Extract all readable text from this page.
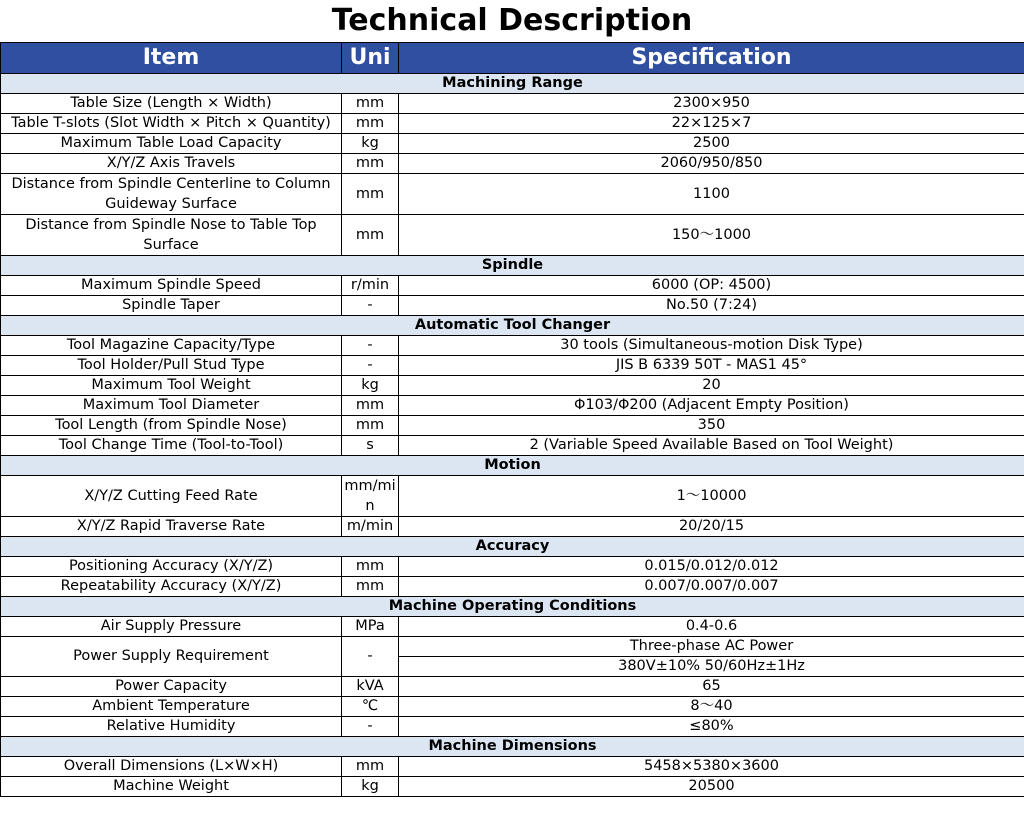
Technical Description
Item	Uni	Specification
Machining Range		
Table Size (Length × Width)	mm	2300×950
Table T-slots (Slot Width × Pitch × Quantity)	mm	22×125×7
Maximum Table Load Capacity	kg	2500
X/Y/Z Axis Travels	mm	2060/950/850
Distance from Spindle Centerline to Column Guideway Surface	mm	1100
Distance from Spindle Nose to Table Top Surface	mm	150～1000
Spindle		
Maximum Spindle Speed	r/min	6000 (OP: 4500)
Spindle Taper	-	No.50 (7:24)
Automatic Tool Changer		
Tool Magazine Capacity/Type	-	30 tools (Simultaneous-motion Disk Type)
Tool Holder/Pull Stud Type	-	JIS B 6339 50T - MAS1 45°
Maximum Tool Weight	kg	20
Maximum Tool Diameter	mm	Φ103/Φ200 (Adjacent Empty Position)
Tool Length (from Spindle Nose)	mm	350
Tool Change Time (Tool-to-Tool)	s	2 (Variable Speed Available Based on Tool Weight)
Motion		
X/Y/Z Cutting Feed Rate	mm/min	1～10000
X/Y/Z Rapid Traverse Rate	m/min	20/20/15
Accuracy		
Positioning Accuracy (X/Y/Z)	mm	0.015/0.012/0.012
Repeatability Accuracy (X/Y/Z)	mm	0.007/0.007/0.007
Machine Operating Conditions		
Air Supply Pressure	MPa	0.4-0.6
Power Supply Requirement	-	Three-phase AC Power
		380V±10% 50/60Hz±1Hz
Power Capacity	kVA	65
Ambient Temperature	℃	8～40
Relative Humidity	-	≤80%
Machine Dimensions		
Overall Dimensions (L×W×H)	mm	5458×5380×3600
Machine Weight	kg	20500
